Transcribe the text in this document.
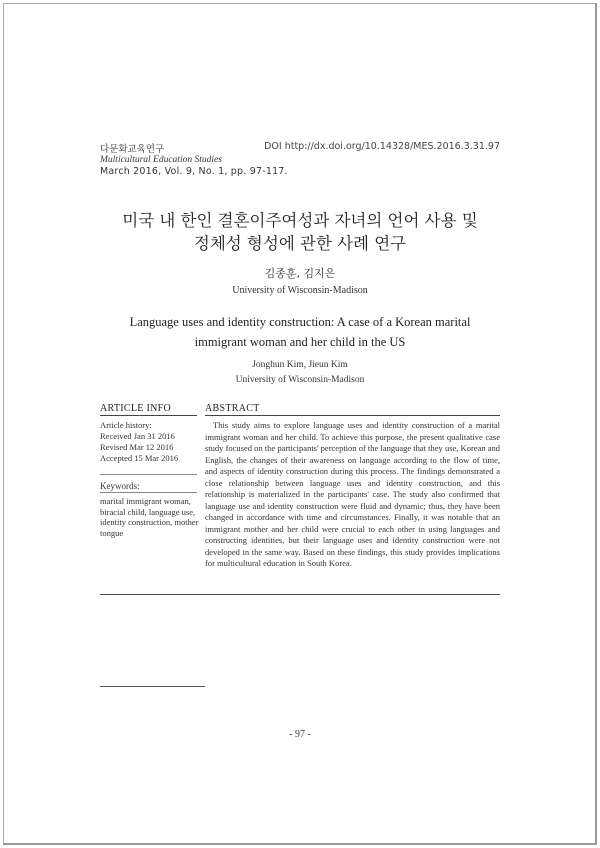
다문화교육연구
Multicultural Education Studies
March 2016, Vol. 9, No. 1, pp. 97-117.
DOI http://dx.doi.org/10.14328/MES.2016.3.31.97
미국 내 한인 결혼이주여성과 자녀의 언어 사용 및
정체성 형성에 관한 사례 연구
김종훈, 김지은
University of Wisconsin-Madison
Language uses and identity construction: A case of a Korean marital
immigrant woman and her child in the US
Jonghun Kim, Jieun Kim
University of Wisconsin-Madison
ARTICLE INFO	ABSTRACT
Article history:
Received Jan 31 2016
Revised Mar 12 2016
Accepted 15 Mar 2016
Keywords:
marital immigrant woman, biracial child, language use, identity construction, mother tongue

This study aims to explore language uses and identity construction of a marital immigrant woman and her child. To achieve this purpose, the present qualitative case study focused on the participants' perception of the language that they use, Korean and English, the changes of their awareness on language according to the flow of time, and aspects of identity construction during this process. The findings demonstrated a close relationship between language uses and identity construction, and this relationship is materialized in the participants' case. The study also confirmed that language use and identity construction were fluid and dynamic; thus, they have been changed in accordance with time and circumstances. Finally, it was notable that an immigrant mother and her child were crucial to each other in using languages and constructing identities, but their language uses and identity construction were not developed in the same way. Based on these findings, this study provides implications for multicultural education in South Korea.

- 97 -
